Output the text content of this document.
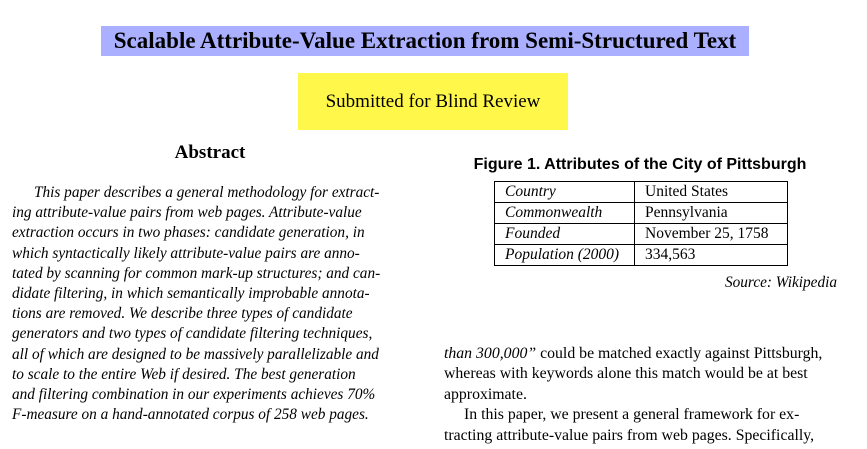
Scalable Attribute-Value Extraction from Semi-Structured Text
Submitted for Blind Review
Abstract
This paper describes a general methodology for extract-
ing attribute-value pairs from web pages. Attribute-value
extraction occurs in two phases: candidate generation, in
which syntactically likely attribute-value pairs are anno-
tated by scanning for common mark-up structures; and can-
didate filtering, in which semantically improbable annota-
tions are removed. We describe three types of candidate
generators and two types of candidate filtering techniques,
all of which are designed to be massively parallelizable and
to scale to the entire Web if desired. The best generation
and filtering combination in our experiments achieves 70%
F-measure on a hand-annotated corpus of 258 web pages.
Figure 1. Attributes of the City of Pittsburgh
Country	United States
Commonwealth	Pennsylvania
Founded	November 25, 1758
Population (2000)	334,563
Source: Wikipedia
than 300,000” could be matched exactly against Pittsburgh,
whereas with keywords alone this match would be at best
approximate.
In this paper, we present a general framework for ex-
tracting attribute-value pairs from web pages. Specifically,
